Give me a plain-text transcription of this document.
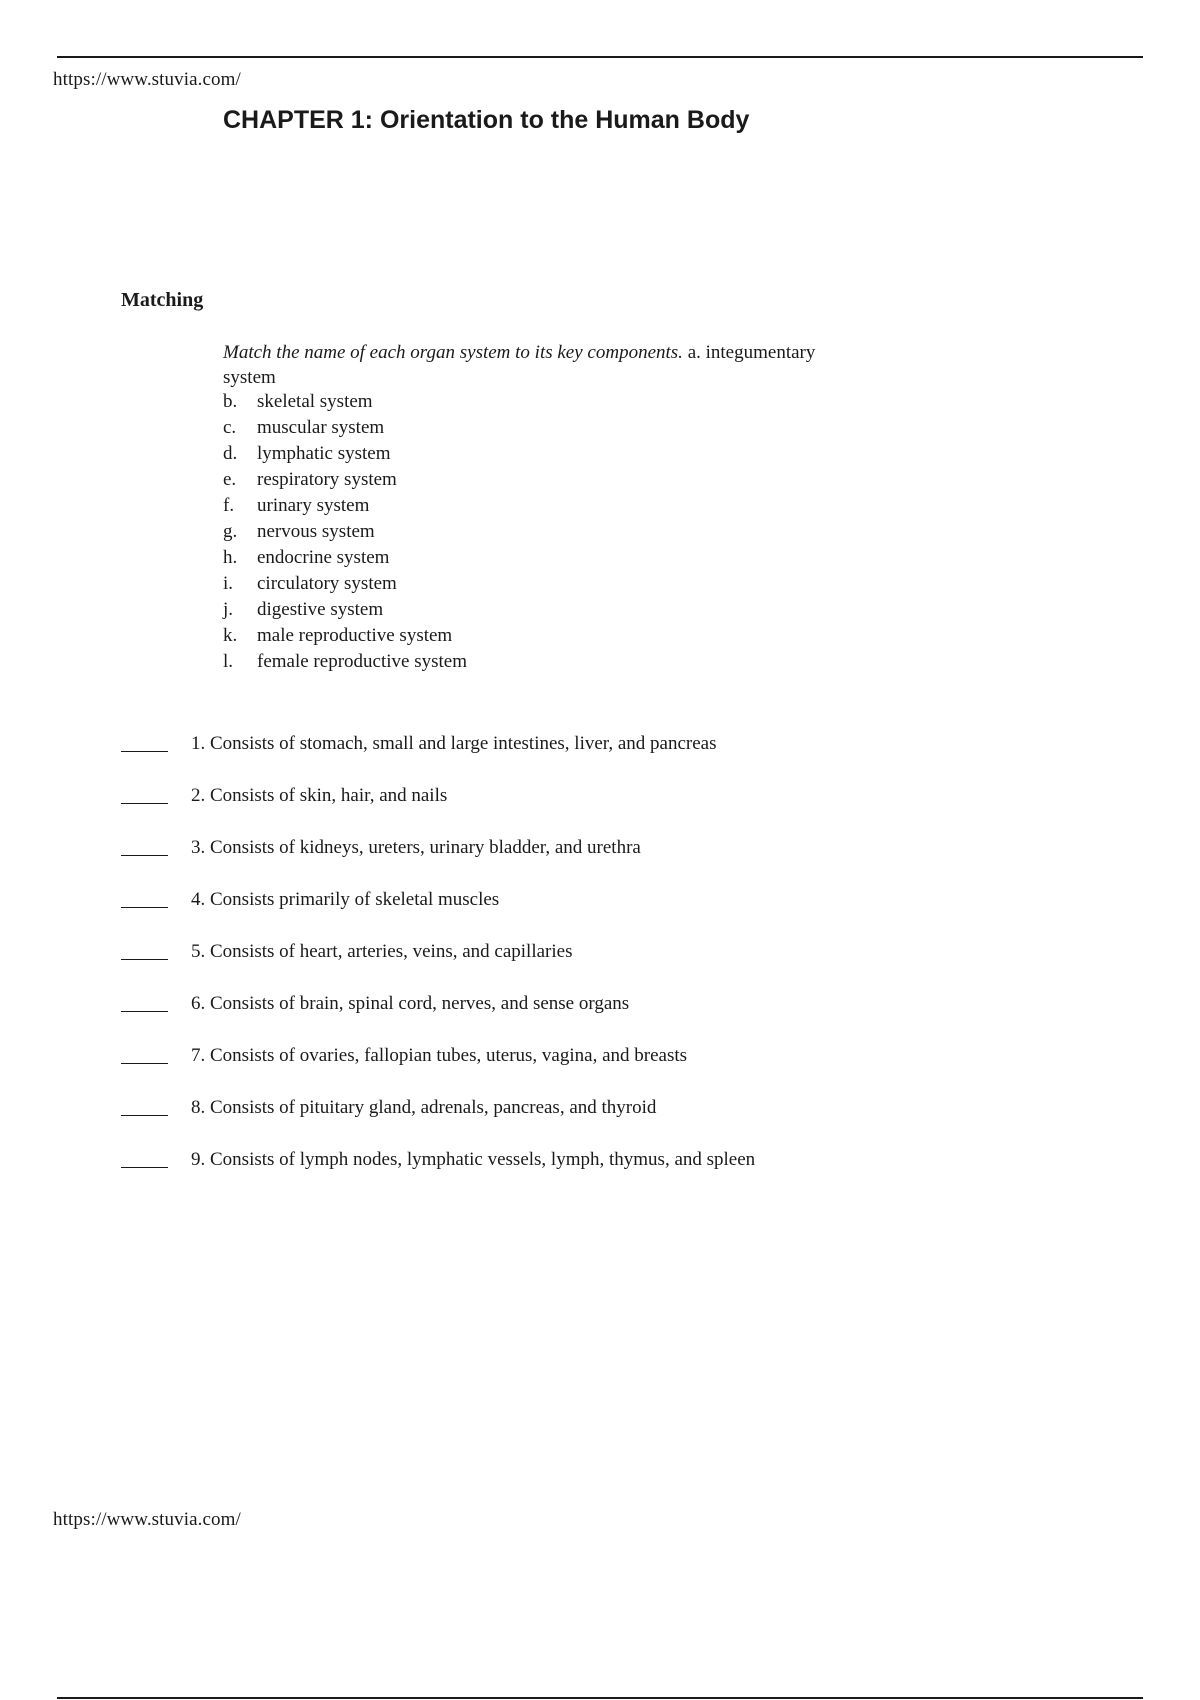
https://www.stuvia.com/
CHAPTER 1: Orientation to the Human Body
Matching
Match the name of each organ system to its key components. a. integumentary system
b. skeletal system
c. muscular system
d. lymphatic system
e. respiratory system
f. urinary system
g. nervous system
h. endocrine system
i. circulatory system
j. digestive system
k. male reproductive system
l. female reproductive system
1. Consists of stomach, small and large intestines, liver, and pancreas
2. Consists of skin, hair, and nails
3. Consists of kidneys, ureters, urinary bladder, and urethra
4. Consists primarily of skeletal muscles
5. Consists of heart, arteries, veins, and capillaries
6. Consists of brain, spinal cord, nerves, and sense organs
7. Consists of ovaries, fallopian tubes, uterus, vagina, and breasts
8. Consists of pituitary gland, adrenals, pancreas, and thyroid
9. Consists of lymph nodes, lymphatic vessels, lymph, thymus, and spleen
https://www.stuvia.com/
